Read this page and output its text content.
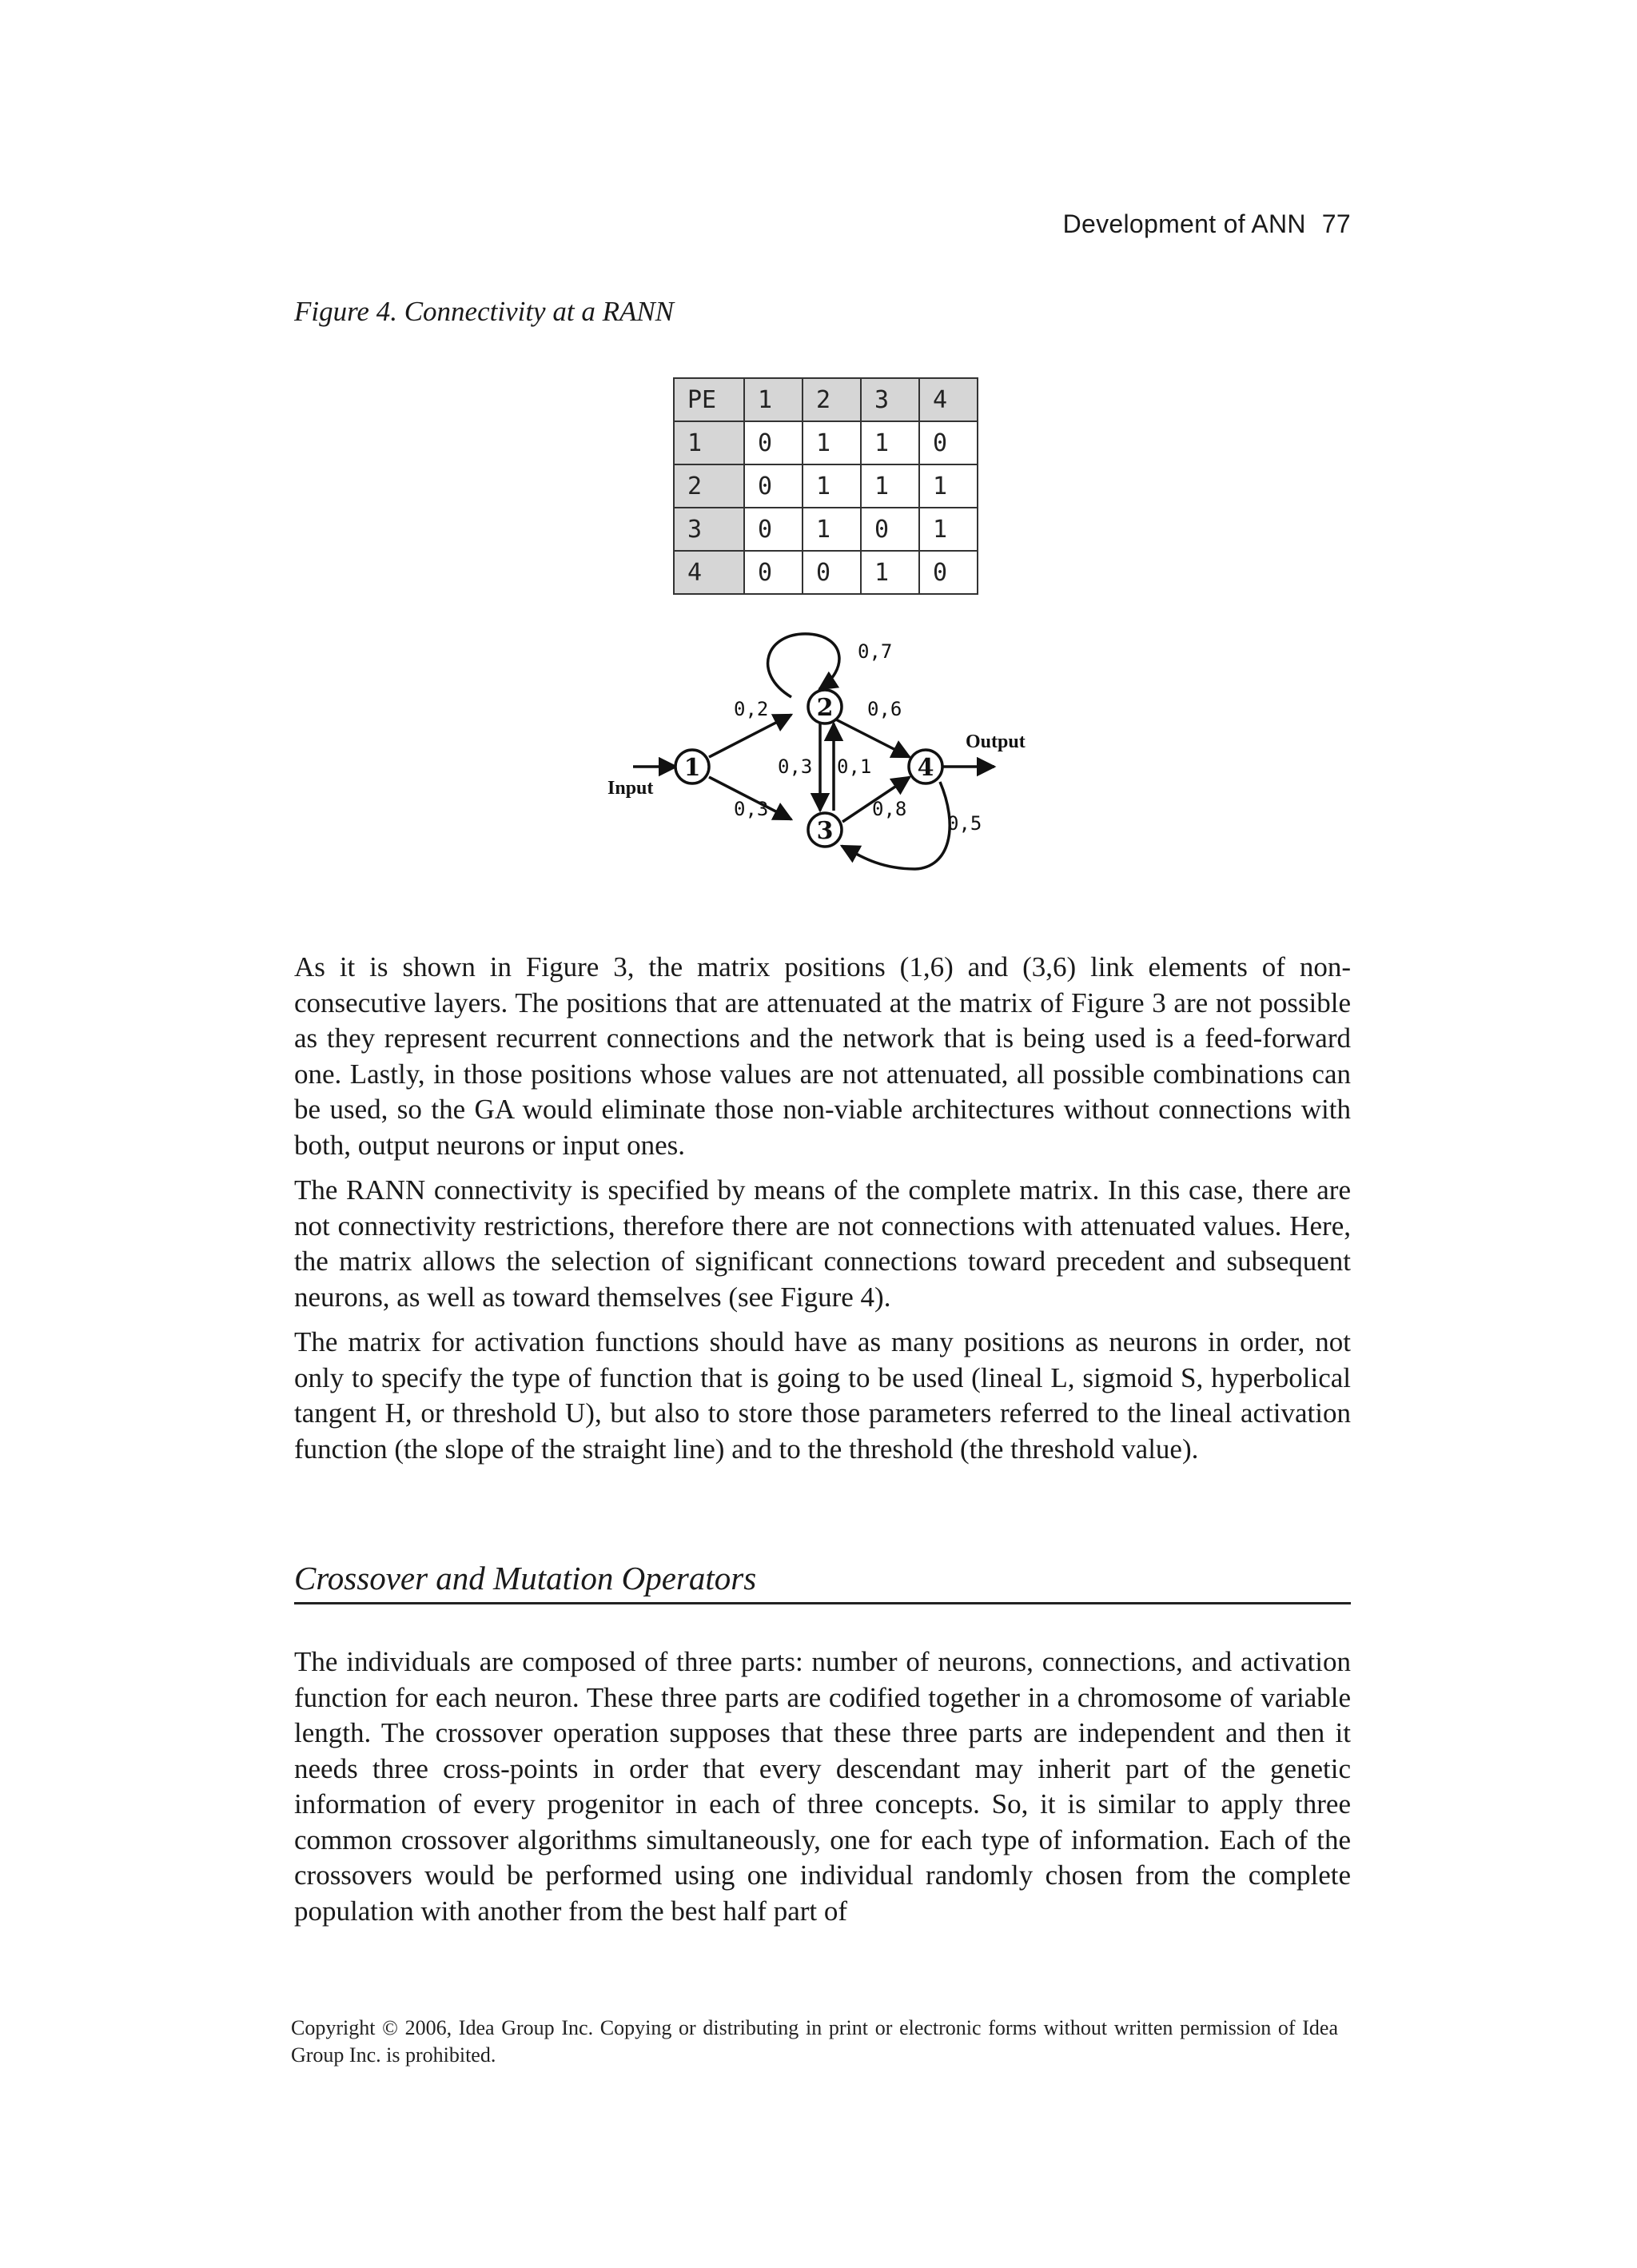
Development of ANN 77
Figure 4. Connectivity at a RANN
PE	1	2	3	4
1	0	1	1	0
2	0	1	1	1
3	0	1	0	1
4	0	0	1	0
1
2
3
4
0,2
0,3
0,7
0,6
0,3 0,1
0,8
0,5
Input
Output

As it is shown in Figure 3, the matrix positions (1,6) and (3,6) link elements of non-consecutive layers. The positions that are attenuated at the matrix of Figure 3 are not possible as they represent recurrent connections and the network that is being used is a feed-forward one. Lastly, in those positions whose values are not attenuated, all possible combinations can be used, so the GA would eliminate those non-viable architectures without connections with both, output neurons or input ones.

The RANN connectivity is specified by means of the complete matrix. In this case, there are not connectivity restrictions, therefore there are not connections with attenuated values. Here, the matrix allows the selection of significant connections toward precedent and subsequent neurons, as well as toward themselves (see Figure 4).

The matrix for activation functions should have as many positions as neurons in order, not only to specify the type of function that is going to be used (lineal L, sigmoid S, hyperbolical tangent H, or threshold U), but also to store those parameters referred to the lineal activation function (the slope of the straight line) and to the threshold (the threshold value).

Crossover and Mutation Operators

The individuals are composed of three parts: number of neurons, connections, and activation function for each neuron. These three parts are codified together in a chromosome of variable length. The crossover operation supposes that these three parts are independent and then it needs three cross-points in order that every descendant may inherit part of the genetic information of every progenitor in each of three concepts. So, it is similar to apply three common crossover algorithms simultaneously, one for each type of information. Each of the crossovers would be performed using one individual randomly chosen from the complete population with another from the best half part of

Copyright © 2006, Idea Group Inc. Copying or distributing in print or electronic forms without written permission of Idea Group Inc. is prohibited.
